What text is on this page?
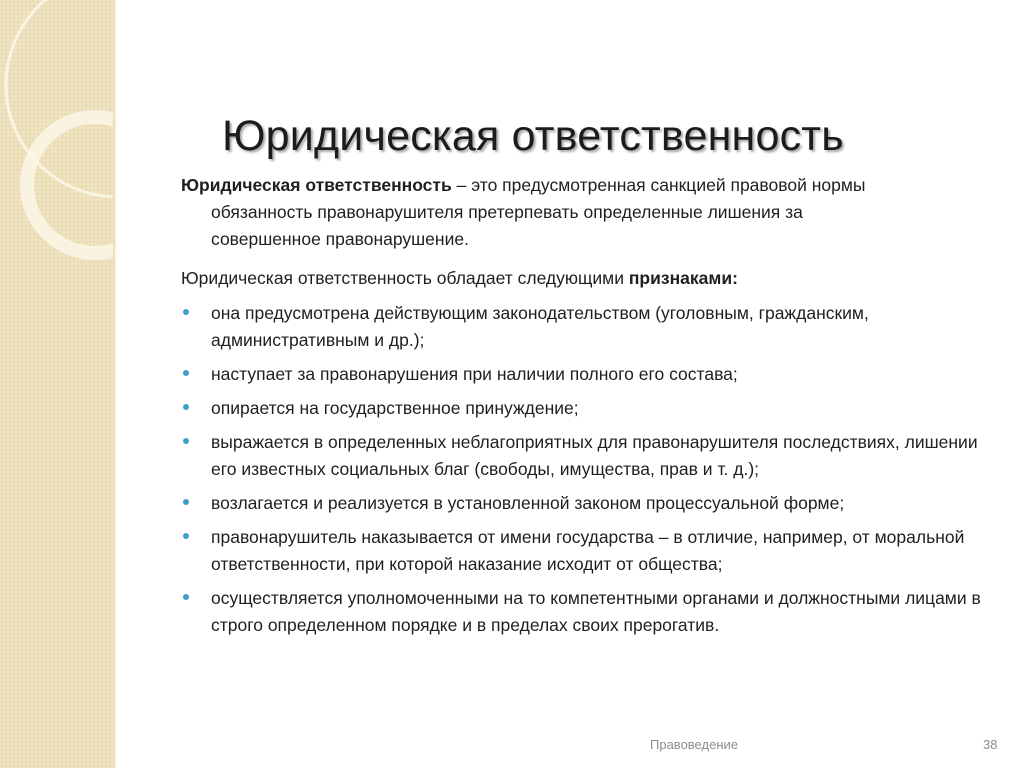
Юридическая ответственность

Юридическая ответственность – это предусмотренная санкцией правовой нормы
обязанность правонарушителя претерпевать определенные лишения за
совершенное правонарушение.

Юридическая ответственность обладает следующими признаками:

она предусмотрена действующим законодательством (уголовным, гражданским, административным и др.);
наступает за правонарушения при наличии полного его состава;
опирается на государственное принуждение;
выражается в определенных неблагоприятных для правонарушителя последствиях, лишении его известных социальных благ (свободы, имущества, прав и т. д.);
возлагается и реализуется в установленной законом процессуальной форме;
правонарушитель наказывается от имени государства – в отличие, например, от моральной ответственности, при которой наказание исходит от общества;
осуществляется уполномоченными на то компетентными органами и должностными лицами в строго определенном порядке и в пределах своих прерогатив.
Правоведение	38
